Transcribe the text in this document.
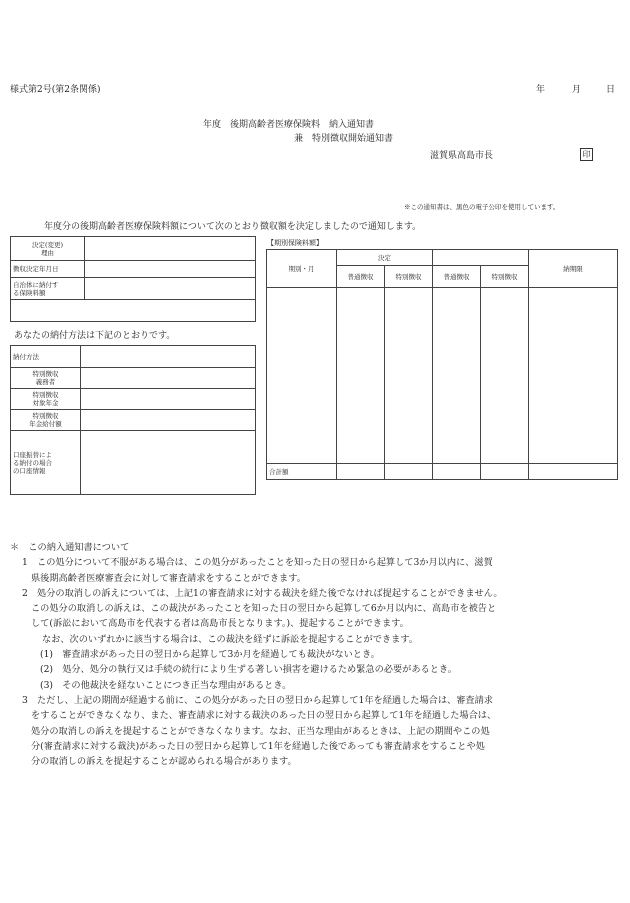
様式第2号(第2条関係)	年	月	日
年度　後期高齢者医療保険料　納入通知書
兼　特別徴収開始通知書
滋賀県高島市長	印
※この通知書は、黒色の電子公印を使用しています。
年度分の後期高齢者医療保険料額について次のとおり徴収額を決定しましたので通知します。
決定(変更)
理由	
徴収決定年月日	
自治体に納付す
る保険料額	

あなたの納付方法は下記のとおりです。
納付方法	
特別徴収
義務者	
特別徴収
対象年金	
特別徴収
年金給付額	
口座振替によ
る納付の場合
の口座情報	
【期別保険料額】
期別・月	決定				納期限
	普通徴収	特別徴収	普通徴収	特別徴収	

合計額					
＊　この納入通知書について
1　この処分について不服がある場合は、この処分があったことを知った日の翌日から起算して3か月以内に、滋賀
県後期高齢者医療審査会に対して審査請求をすることができます。
2　処分の取消しの訴えについては、上記1の審査請求に対する裁決を経た後でなければ提起することができません。
この処分の取消しの訴えは、この裁決があったことを知った日の翌日から起算して6か月以内に、高島市を被告と
して(訴訟において高島市を代表する者は高島市長となります。)、提起することができます。
なお、次のいずれかに該当する場合は、この裁決を経ずに訴訟を提起することができます。
(1)　審査請求があった日の翌日から起算して3か月を経過しても裁決がないとき。
(2)　処分、処分の執行又は手続の続行により生ずる著しい損害を避けるため緊急の必要があるとき。
(3)　その他裁決を経ないことにつき正当な理由があるとき。
3　ただし、上記の期間が経過する前に、この処分があった日の翌日から起算して1年を経過した場合は、審査請求
をすることができなくなり、また、審査請求に対する裁決のあった日の翌日から起算して1年を経過した場合は、
処分の取消しの訴えを提起することができなくなります。なお、正当な理由があるときは、上記の期間やこの処
分(審査請求に対する裁決)があった日の翌日から起算して1年を経過した後であっても審査請求をすることや処
分の取消しの訴えを提起することが認められる場合があります。
